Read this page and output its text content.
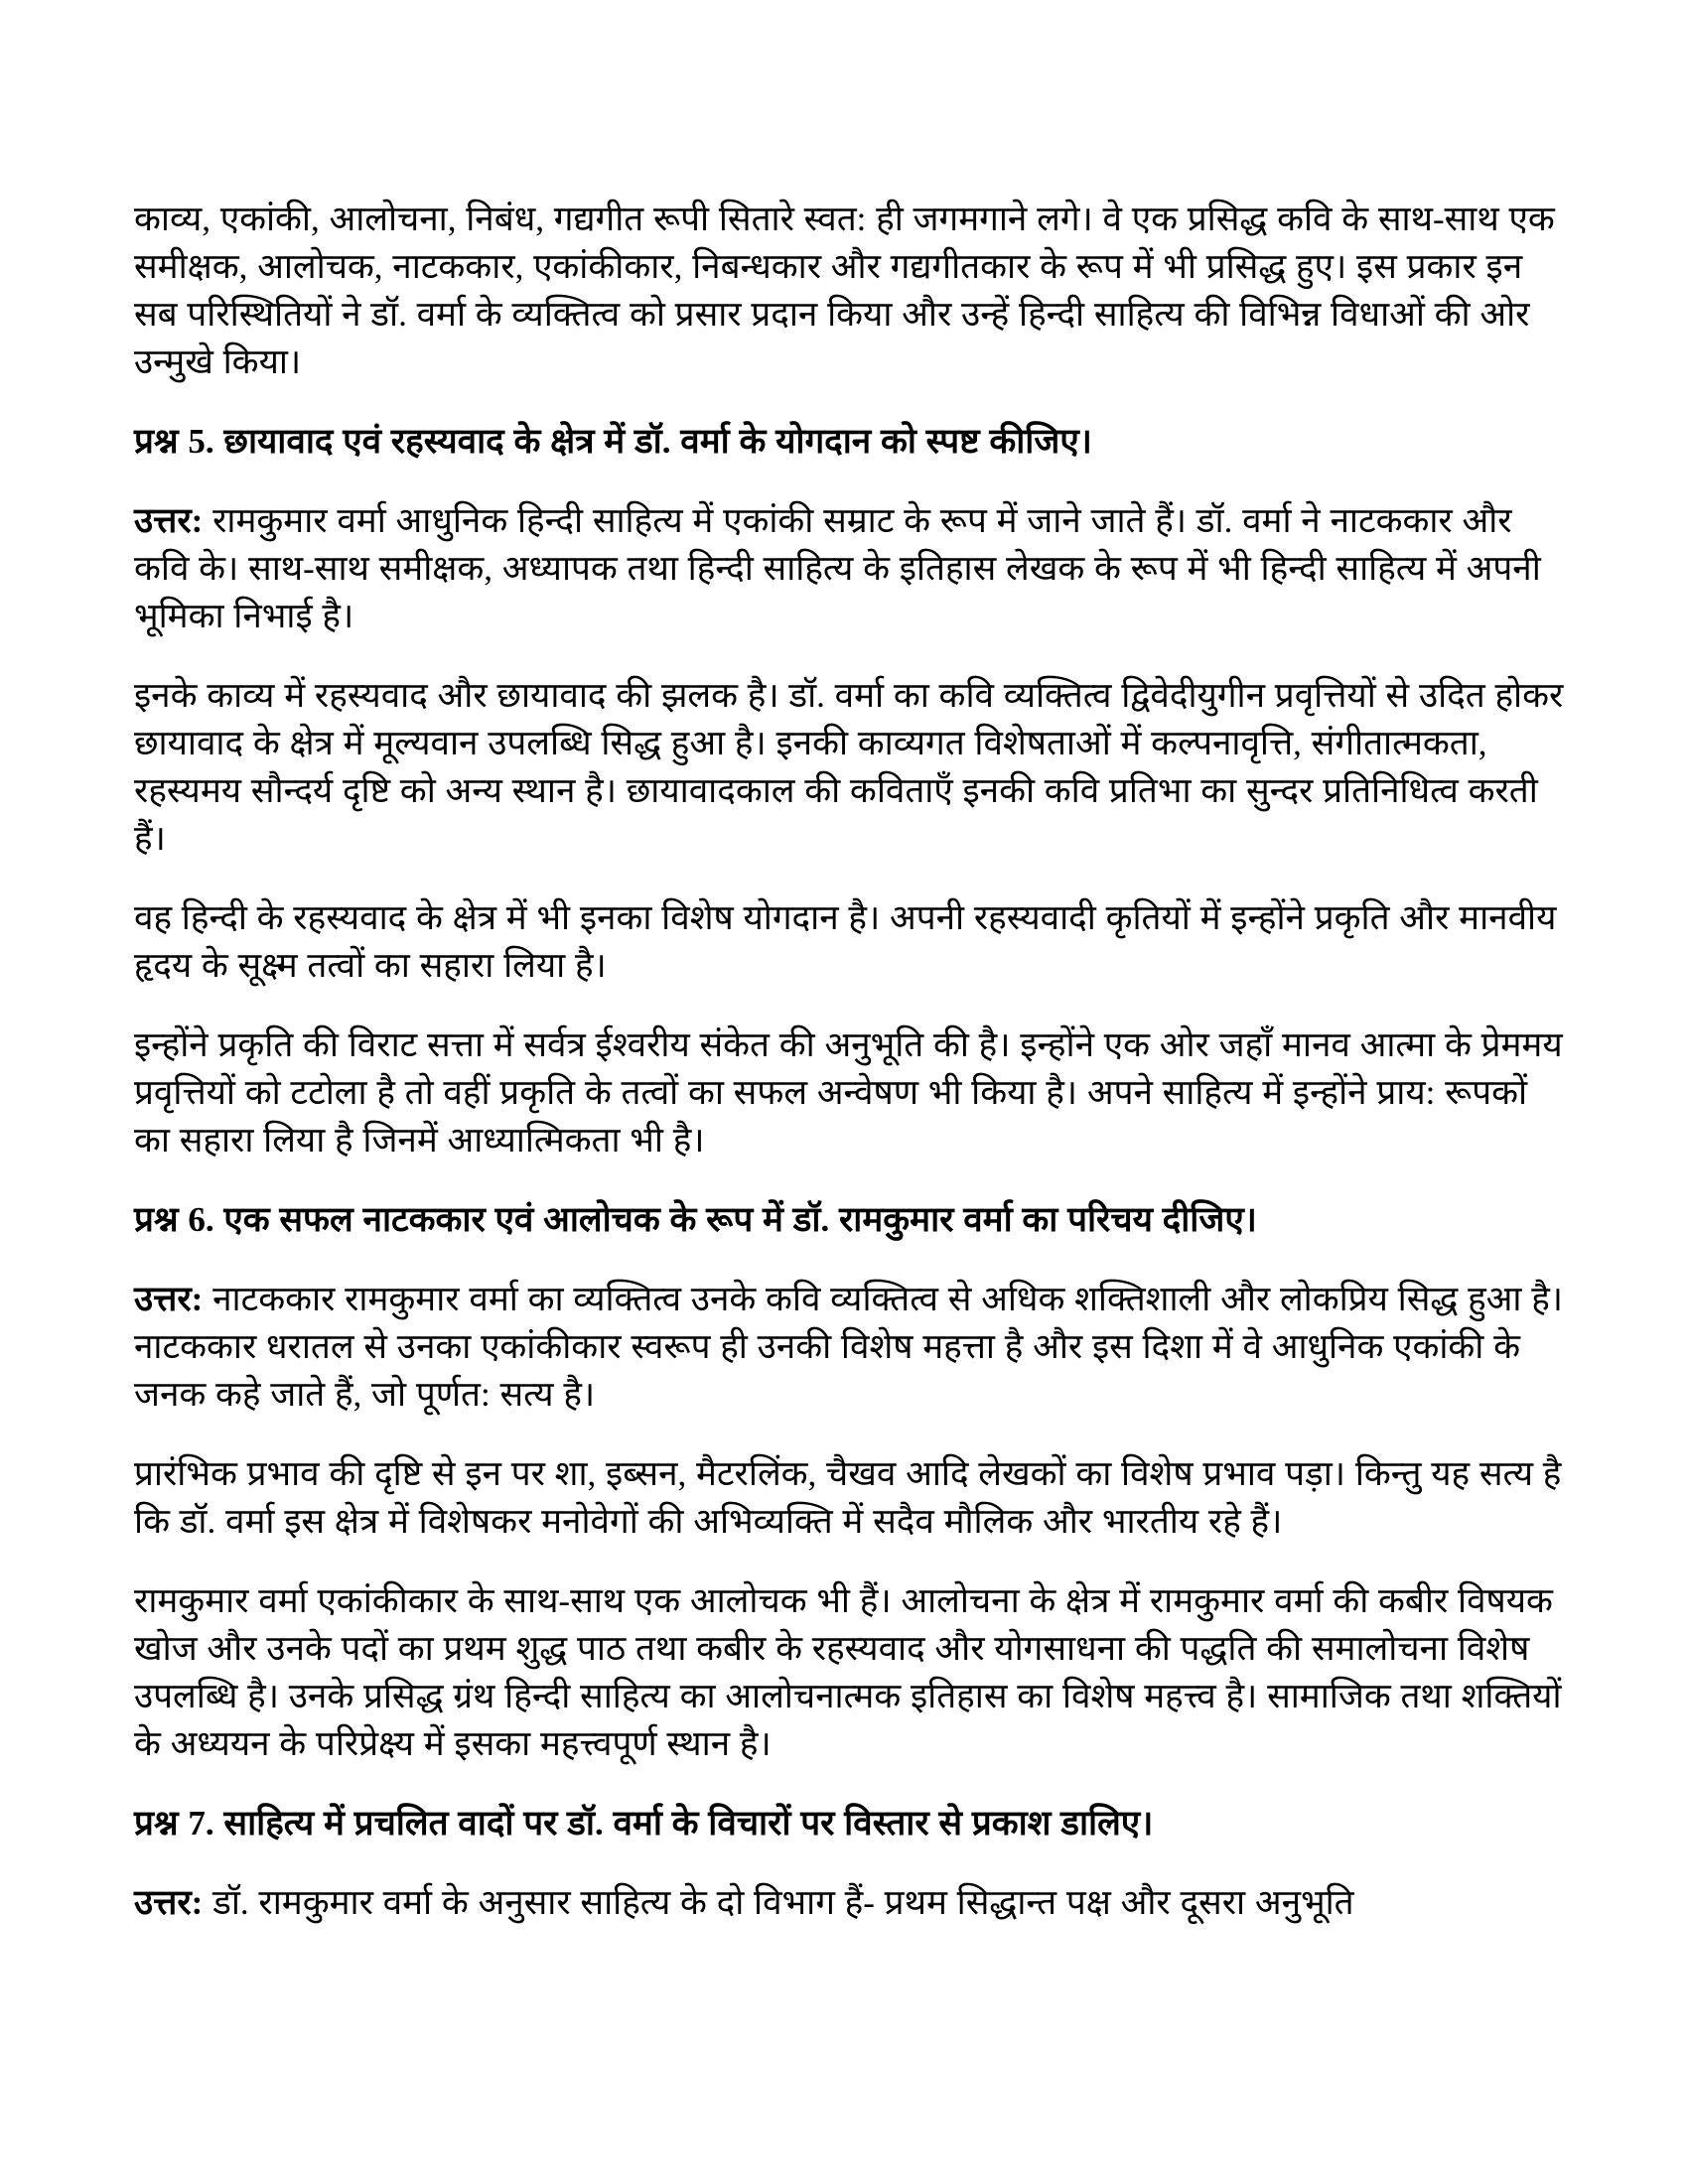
काव्य, एकांकी, आलोचना, निबंध, गद्यगीत रूपी सितारे स्वत: ही जगमगाने लगे। वे एक प्रसिद्ध कवि के साथ-साथ एक समीक्षक, आलोचक, नाटककार, एकांकीकार, निबन्धकार और गद्यगीतकार के रूप में भी प्रसिद्ध हुए। इस प्रकार इन सब परिस्थितियों ने डॉ. वर्मा के व्यक्तित्व को प्रसार प्रदान किया और उन्हें हिन्दी साहित्य की विभिन्न विधाओं की ओर उन्मुखे किया।

प्रश्न 5. छायावाद एवं रहस्यवाद के क्षेत्र में डॉ. वर्मा के योगदान को स्पष्ट कीजिए।

उत्तर: रामकुमार वर्मा आधुनिक हिन्दी साहित्य में एकांकी सम्राट के रूप में जाने जाते हैं। डॉ. वर्मा ने नाटककार और कवि के। साथ-साथ समीक्षक, अध्यापक तथा हिन्दी साहित्य के इतिहास लेखक के रूप में भी हिन्दी साहित्य में अपनी भूमिका निभाई है।

इनके काव्य में रहस्यवाद और छायावाद की झलक है। डॉ. वर्मा का कवि व्यक्तित्व द्विवेदीयुगीन प्रवृत्तियों से उदित होकर छायावाद के क्षेत्र में मूल्यवान उपलब्धि सिद्ध हुआ है। इनकी काव्यगत विशेषताओं में कल्पनावृत्ति, संगीतात्मकता, रहस्यमय सौन्दर्य दृष्टि को अन्य स्थान है। छायावादकाल की कविताएँ इनकी कवि प्रतिभा का सुन्दर प्रतिनिधित्व करती हैं।

वह हिन्दी के रहस्यवाद के क्षेत्र में भी इनका विशेष योगदान है। अपनी रहस्यवादी कृतियों में इन्होंने प्रकृति और मानवीय हृदय के सूक्ष्म तत्वों का सहारा लिया है।

इन्होंने प्रकृति की विराट सत्ता में सर्वत्र ईश्वरीय संकेत की अनुभूति की है। इन्होंने एक ओर जहाँ मानव आत्मा के प्रेममय प्रवृत्तियों को टटोला है तो वहीं प्रकृति के तत्वों का सफल अन्वेषण भी किया है। अपने साहित्य में इन्होंने प्राय: रूपकों का सहारा लिया है जिनमें आध्यात्मिकता भी है।

प्रश्न 6. एक सफल नाटककार एवं आलोचक के रूप में डॉ. रामकुमार वर्मा का परिचय दीजिए।

उत्तर: नाटककार रामकुमार वर्मा का व्यक्तित्व उनके कवि व्यक्तित्व से अधिक शक्तिशाली और लोकप्रिय सिद्ध हुआ है। नाटककार धरातल से उनका एकांकीकार स्वरूप ही उनकी विशेष महत्ता है और इस दिशा में वे आधुनिक एकांकी के जनक कहे जाते हैं, जो पूर्णत: सत्य है।

प्रारंभिक प्रभाव की दृष्टि से इन पर शा, इब्सन, मैटरलिंक, चैखव आदि लेखकों का विशेष प्रभाव पड़ा। किन्तु यह सत्य है कि डॉ. वर्मा इस क्षेत्र में विशेषकर मनोवेगों की अभिव्यक्ति में सदैव मौलिक और भारतीय रहे हैं।

रामकुमार वर्मा एकांकीकार के साथ-साथ एक आलोचक भी हैं। आलोचना के क्षेत्र में रामकुमार वर्मा की कबीर विषयक खोज और उनके पदों का प्रथम शुद्ध पाठ तथा कबीर के रहस्यवाद और योगसाधना की पद्धति की समालोचना विशेष उपलब्धि है। उनके प्रसिद्ध ग्रंथ हिन्दी साहित्य का आलोचनात्मक इतिहास का विशेष महत्त्व है। सामाजिक तथा शक्तियों के अध्ययन के परिप्रेक्ष्य में इसका महत्त्वपूर्ण स्थान है।

प्रश्न 7. साहित्य में प्रचलित वादों पर डॉ. वर्मा के विचारों पर विस्तार से प्रकाश डालिए।

उत्तर: डॉ. रामकुमार वर्मा के अनुसार साहित्य के दो विभाग हैं- प्रथम सिद्धान्त पक्ष और दूसरा अनुभूति
